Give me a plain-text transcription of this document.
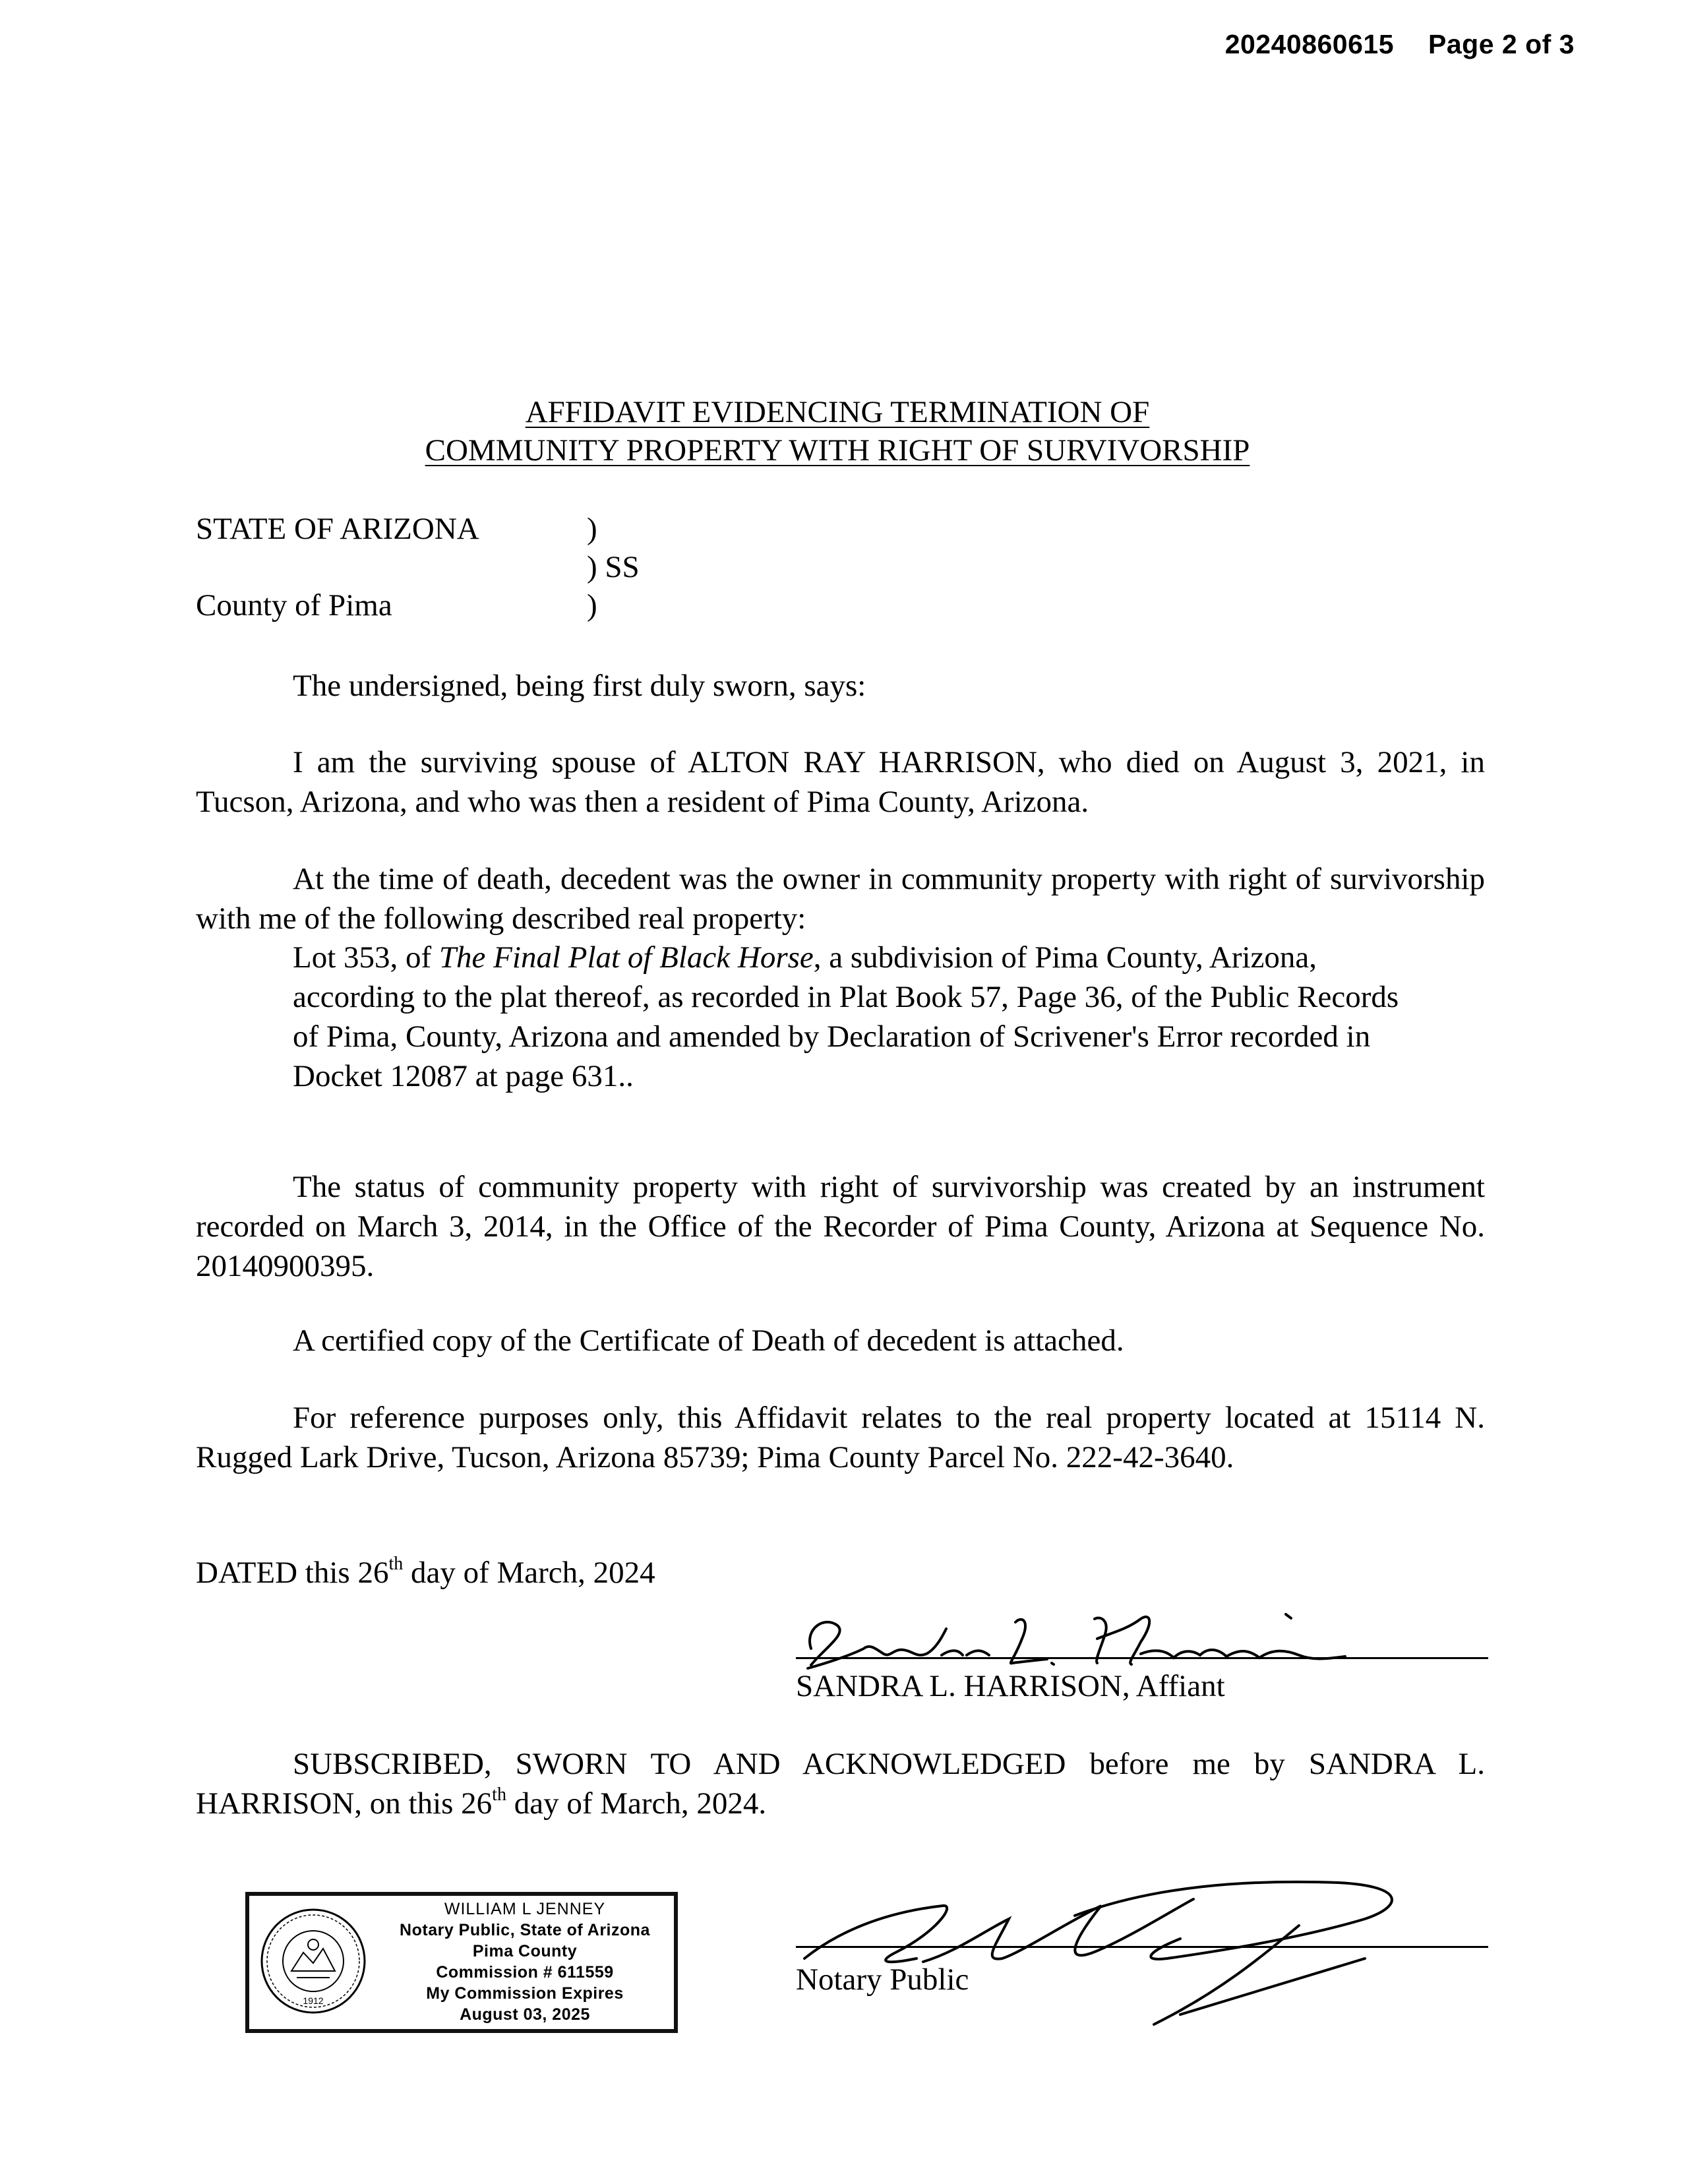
20240860615 Page 2 of 3
AFFIDAVIT EVIDENCING TERMINATION OF
COMMUNITY PROPERTY WITH RIGHT OF SURVIVORSHIP
STATE OF ARIZONA	)
) SS
County of Pima	)
The undersigned, being first duly sworn, says:
I am the surviving spouse of ALTON RAY HARRISON, who died on August 3, 2021, in Tucson, Arizona, and who was then a resident of Pima County, Arizona.
At the time of death, decedent was the owner in community property with right of survivorship with me of the following described real property:
Lot 353, of The Final Plat of Black Horse, a subdivision of Pima County, Arizona, according to the plat thereof, as recorded in Plat Book 57, Page 36, of the Public Records of Pima, County, Arizona and amended by Declaration of Scrivener's Error recorded in Docket 12087 at page 631..
The status of community property with right of survivorship was created by an instrument recorded on March 3, 2014, in the Office of the Recorder of Pima County, Arizona at Sequence No. 20140900395.
A certified copy of the Certificate of Death of decedent is attached.
For reference purposes only, this Affidavit relates to the real property located at 15114 N. Rugged Lark Drive, Tucson, Arizona 85739; Pima County Parcel No. 222-42-3640.
DATED this 26th day of March, 2024
SANDRA L. HARRISON, Affiant
SUBSCRIBED, SWORN TO AND ACKNOWLEDGED before me by SANDRA L. HARRISON, on this 26th day of March, 2024.
1912
WILLIAM L JENNEY
Notary Public, State of Arizona
Pima County
Commission # 611559
My Commission Expires
August 03, 2025
Notary Public
